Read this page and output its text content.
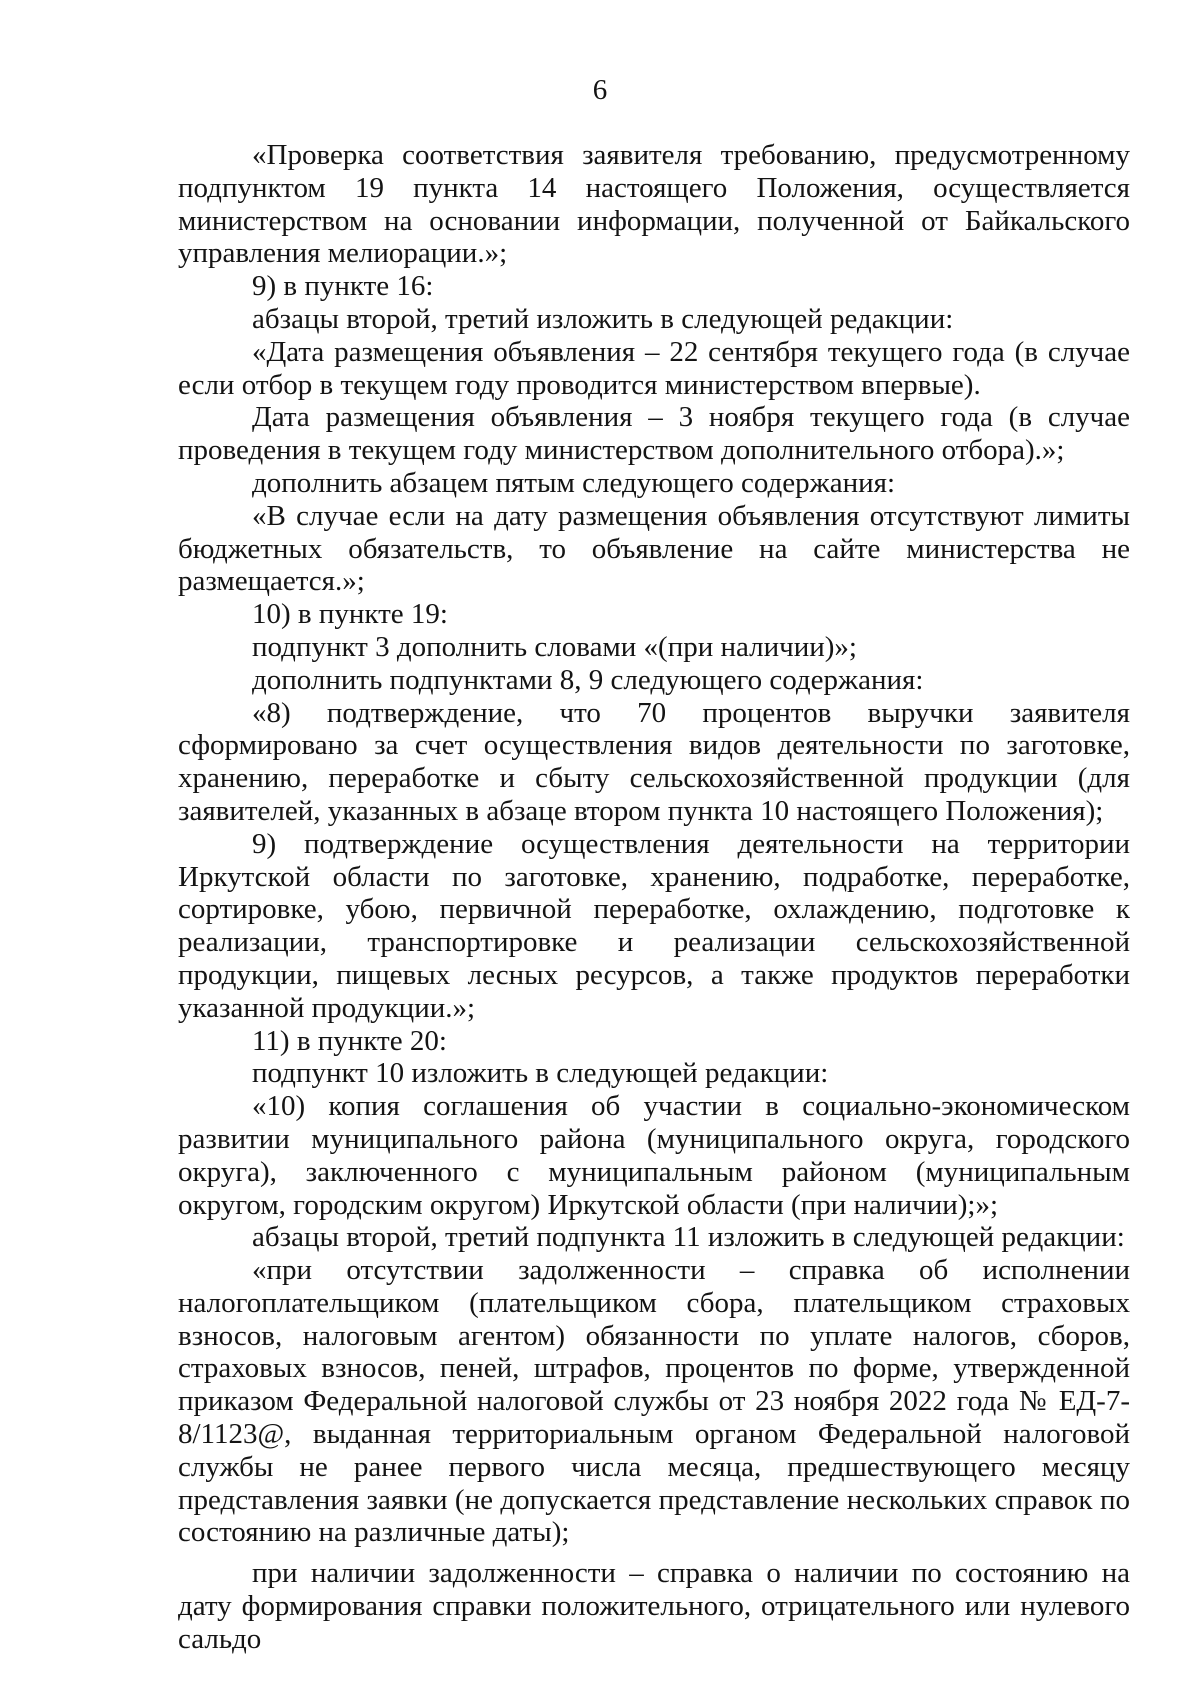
6

«Проверка соответствия заявителя требованию, предусмотренному подпунктом 19 пункта 14 настоящего Положения, осуществляется министерством на основании информации, полученной от Байкальского управления мелиорации.»;

9) в пункте 16:

абзацы второй, третий изложить в следующей редакции:

«Дата размещения объявления – 22 сентября текущего года (в случае если отбор в текущем году проводится министерством впервые).

Дата размещения объявления – 3 ноября текущего года (в случае проведения в текущем году министерством дополнительного отбора).»;

дополнить абзацем пятым следующего содержания:

«В случае если на дату размещения объявления отсутствуют лимиты бюджетных обязательств, то объявление на сайте министерства не размещается.»;

10) в пункте 19:

подпункт 3 дополнить словами «(при наличии)»;

дополнить подпунктами 8, 9 следующего содержания:

«8) подтверждение, что 70 процентов выручки заявителя сформировано за счет осуществления видов деятельности по заготовке, хранению, переработке и сбыту сельскохозяйственной продукции (для заявителей, указанных в абзаце втором пункта 10 настоящего Положения);

9) подтверждение осуществления деятельности на территории Иркутской области по заготовке, хранению, подработке, переработке, сортировке, убою, первичной переработке, охлаждению, подготовке к реализации, транспортировке и реализации сельскохозяйственной продукции, пищевых лесных ресурсов, а также продуктов переработки указанной продукции.»;

11) в пункте 20:

подпункт 10 изложить в следующей редакции:

«10) копия соглашения об участии в социально-экономическом развитии муниципального района (муниципального округа, городского округа), заключенного с муниципальным районом (муниципальным округом, городским округом) Иркутской области (при наличии);»;

абзацы второй, третий подпункта 11 изложить в следующей редакции:

«при отсутствии задолженности – справка об исполнении налогоплательщиком (плательщиком сбора, плательщиком страховых взносов, налоговым агентом) обязанности по уплате налогов, сборов, страховых взносов, пеней, штрафов, процентов по форме, утвержденной приказом Федеральной налоговой службы от 23 ноября 2022 года № ЕД-7-8/1123@, выданная территориальным органом Федеральной налоговой службы не ранее первого числа месяца, предшествующего месяцу представления заявки (не допускается представление нескольких справок по состоянию на различные даты);

при наличии задолженности – справка о наличии по состоянию на дату формирования справки положительного, отрицательного или нулевого сальдо
